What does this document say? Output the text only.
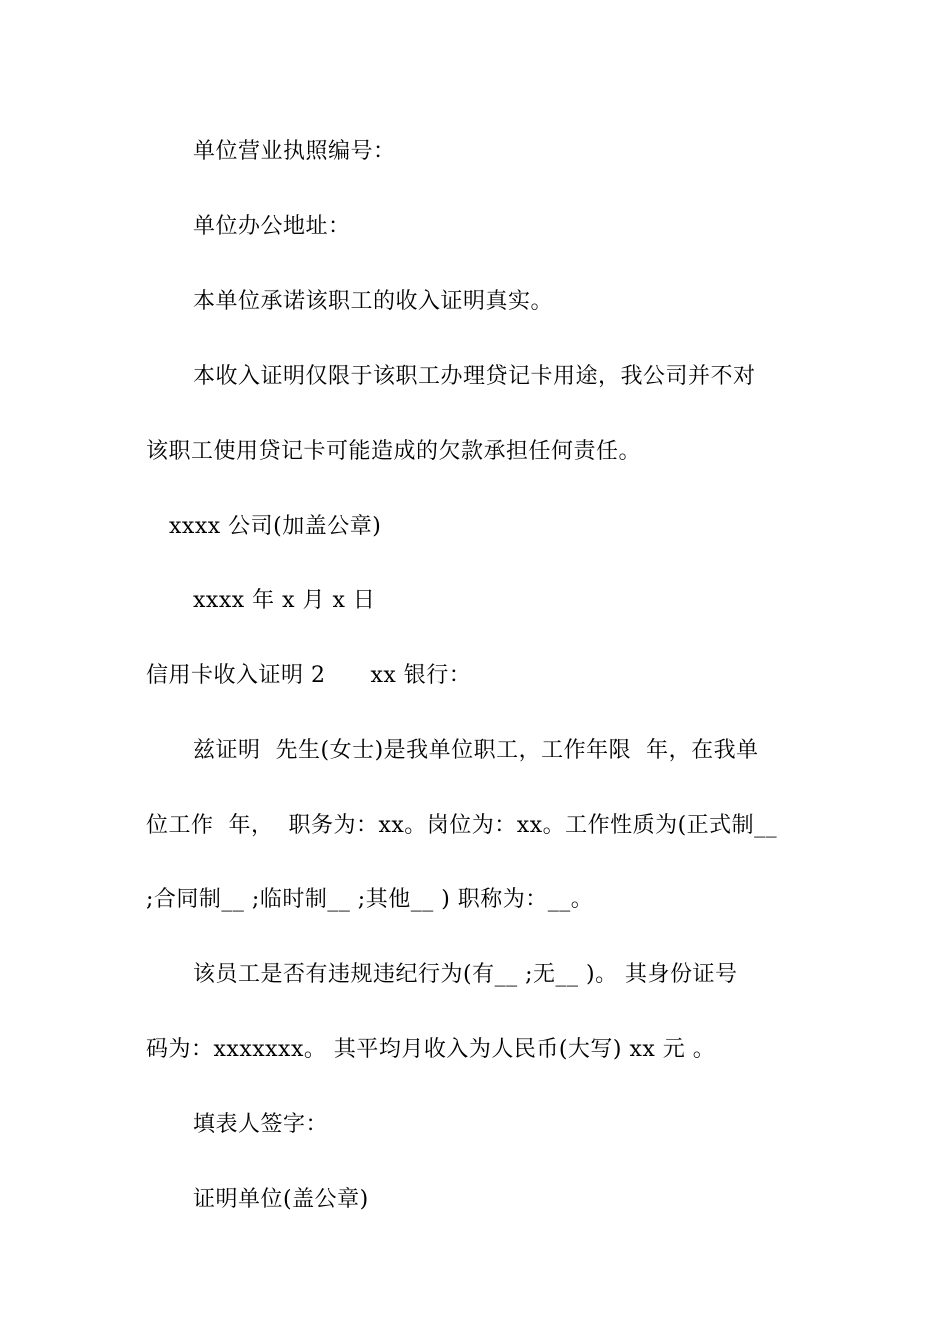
单位营业执照编号：
单位办公地址：
本单位承诺该职工的收入证明真实。
本收入证明仅限于该职工办理贷记卡用途，我公司并不对
该职工使用贷记卡可能造成的欠款承担任何责任。
xxxx 公司(加盖公章)
xxxx 年 x 月 x 日
信用卡收入证明 2　　xx 银行：
兹证明  先生(女士)是我单位职工，工作年限  年，在我单
位工作  年，  职务为：xx。岗位为：xx。工作性质为(正式制__
;合同制__ ;临时制__ ;其他__ ) 职称为：__。
该员工是否有违规违纪行为(有__ ;无__ )。 其身份证号
码为：xxxxxxx。 其平均月收入为人民币(大写) xx 元 。
填表人签字：
证明单位(盖公章)
